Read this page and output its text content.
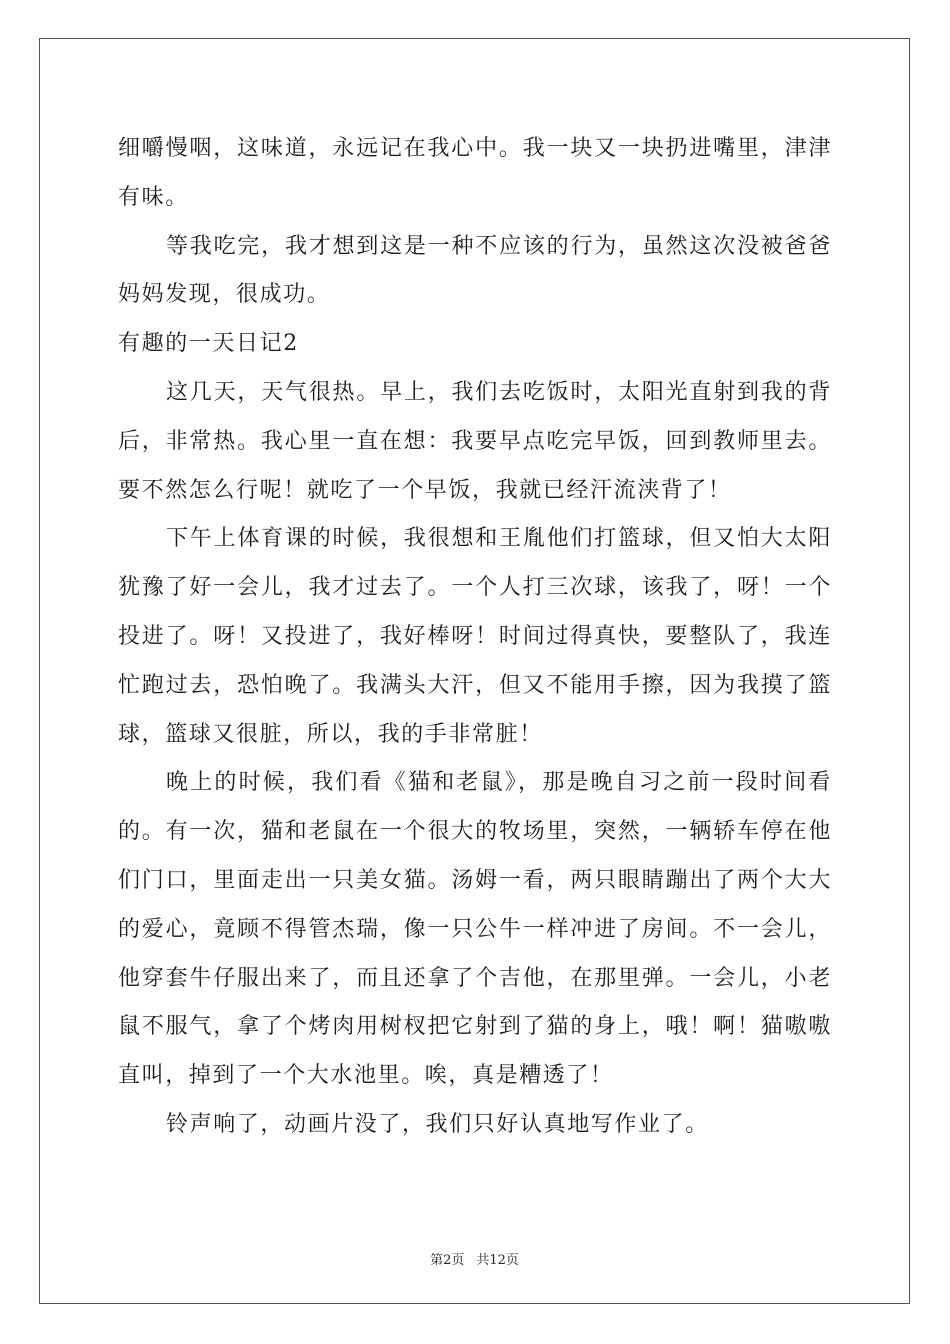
细嚼慢咽，这味道，永远记在我心中。我一块又一块扔进嘴里，津津有味。

等我吃完，我才想到这是一种不应该的行为，虽然这次没被爸爸妈妈发现，很成功。

有趣的一天日记2

这几天，天气很热。早上，我们去吃饭时，太阳光直射到我的背后，非常热。我心里一直在想：我要早点吃完早饭，回到教师里去。要不然怎么行呢！就吃了一个早饭，我就已经汗流浃背了！

下午上体育课的时候，我很想和王胤他们打篮球，但又怕大太阳犹豫了好一会儿，我才过去了。一个人打三次球，该我了，呀！一个投进了。呀！又投进了，我好棒呀！时间过得真快，要整队了，我连忙跑过去，恐怕晚了。我满头大汗，但又不能用手擦，因为我摸了篮球，篮球又很脏，所以，我的手非常脏！

晚上的时候，我们看《猫和老鼠》，那是晚自习之前一段时间看的。有一次，猫和老鼠在一个很大的牧场里，突然，一辆轿车停在他们门口，里面走出一只美女猫。汤姆一看，两只眼睛蹦出了两个大大的爱心，竟顾不得管杰瑞，像一只公牛一样冲进了房间。不一会儿，他穿套牛仔服出来了，而且还拿了个吉他，在那里弹。一会儿，小老鼠不服气，拿了个烤肉用树杈把它射到了猫的身上，哦！啊！猫嗷嗷直叫，掉到了一个大水池里。唉，真是糟透了！

铃声响了，动画片没了，我们只好认真地写作业了。

第2页 共12页
